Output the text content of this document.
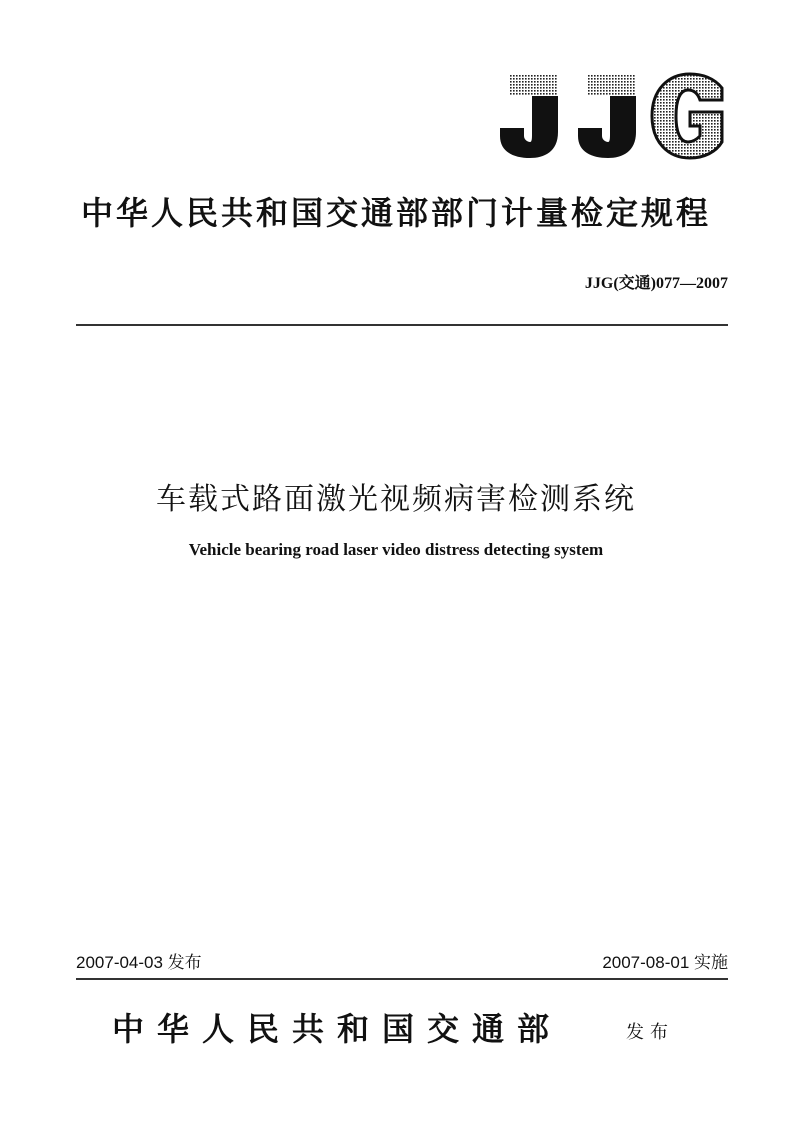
中华人民共和国交通部部门计量检定规程
JJG(交通)077—2007
车载式路面激光视频病害检测系统
Vehicle bearing road laser video distress detecting system
2007-04-03 发布	2007-08-01 实施
中华人民共和国交通部	发布
